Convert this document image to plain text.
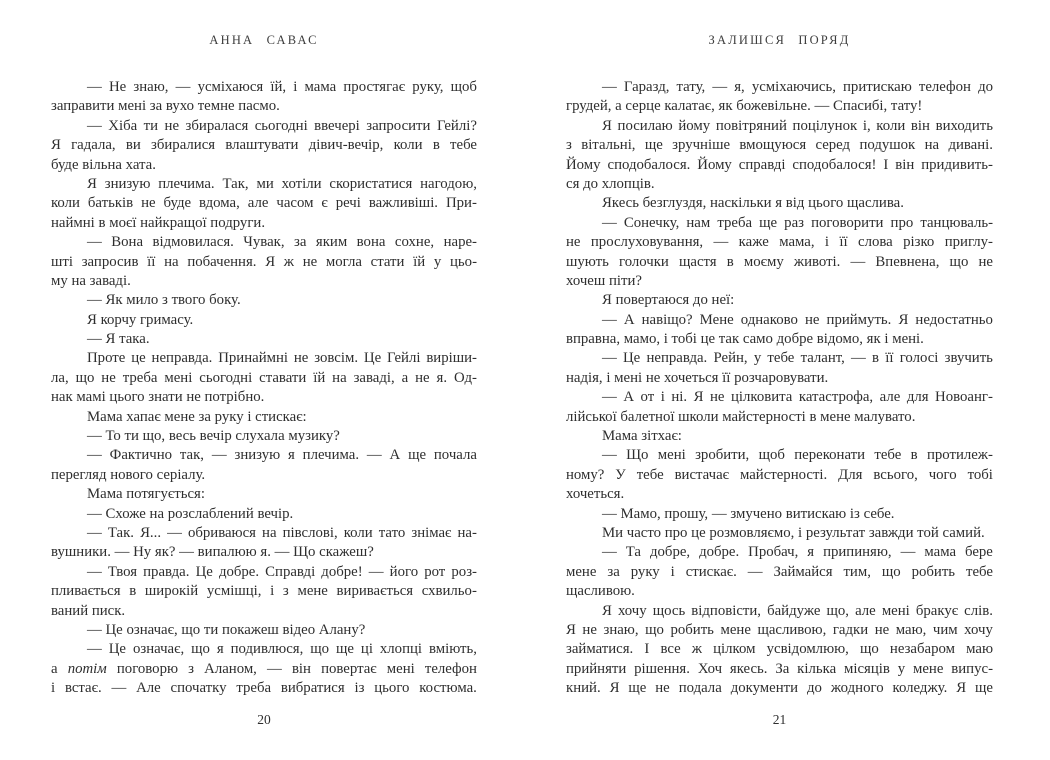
АННА САВАС
— Не знаю, — усміхаюся їй, і мама простягає руку, щоб
заправити мені за вухо темне пасмо.
— Хіба ти не збиралася сьогодні ввечері запросити Гейлі?
Я гадала, ви збиралися влаштувати дівич-вечір, коли в тебе
буде вільна хата.
Я знизую плечима. Так, ми хотіли скористатися нагодою,
коли батьків не буде вдома, але часом є речі важливіші. При-
наймні в моєї найкращої подруги.
— Вона відмовилася. Чувак, за яким вона сохне, наре-
шті запросив її на побачення. Я ж не могла стати їй у цьо-
му на заваді.
— Як мило з твого боку.
Я корчу гримасу.
— Я така.
Проте це неправда. Принаймні не зовсім. Це Гейлі виріши-
ла, що не треба мені сьогодні ставати їй на заваді, а не я. Од-
нак мамі цього знати не потрібно.
Мама хапає мене за руку і стискає:
— То ти що, весь вечір слухала музику?
— Фактично так, — знизую я плечима. — А ще почала
перегляд нового серіалу.
Мама потягується:
— Схоже на розслаблений вечір.
— Так. Я... — обриваюся на півслові, коли тато знімає на-
вушники. — Ну як? — випалюю я. — Що скажеш?
— Твоя правда. Це добре. Справді добре! — його рот роз-
пливається в широкій усмішці, і з мене виривається схвильо-
ваний писк.
— Це означає, що ти покажеш відео Алану?
— Це означає, що я подивлюся, що ще ці хлопці вміють,
а потім поговорю з Аланом, — він повертає мені телефон
і встає. — Але спочатку треба вибратися із цього костюма.
20
ЗАЛИШСЯ ПОРЯД
— Гаразд, тату, — я, усміхаючись, притискаю телефон до
грудей, а серце калатає, як божевільне. — Спасибі, тату!
Я посилаю йому повітряний поцілунок і, коли він виходить
з вітальні, ще зручніше вмощуюся серед подушок на дивані.
Йому сподобалося. Йому справді сподобалося! І він придивить-
ся до хлопців.
Якесь безглуздя, наскільки я від цього щаслива.
— Сонечку, нам треба ще раз поговорити про танцюваль-
не прослуховування, — каже мама, і її слова різко приглу-
шують голочки щастя в моєму животі. — Впевнена, що не
хочеш піти?
Я повертаюся до неї:
— А навіщо? Мене однаково не приймуть. Я недостатньо
вправна, мамо, і тобі це так само добре відомо, як і мені.
— Це неправда. Рейн, у тебе талант, — в її голосі звучить
надія, і мені не хочеться її розчаровувати.
— А от і ні. Я не цілковита катастрофа, але для Новоанг-
лійської балетної школи майстерності в мене малувато.
Мама зітхає:
— Що мені зробити, щоб переконати тебе в протилеж-
ному? У тебе вистачає майстерності. Для всього, чого тобі
хочеться.
— Мамо, прошу, — змучено витискаю із себе.
Ми часто про це розмовляємо, і результат завжди той самий.
— Та добре, добре. Пробач, я припиняю, — мама бере
мене за руку і стискає. — Займайся тим, що робить тебе
щасливою.
Я хочу щось відповісти, байдуже що, але мені бракує слів.
Я не знаю, що робить мене щасливою, гадки не маю, чим хочу
займатися. І все ж цілком усвідомлюю, що незабаром маю
прийняти рішення. Хоч якесь. За кілька місяців у мене випус-
кний. Я ще не подала документи до жодного коледжу. Я ще
21
